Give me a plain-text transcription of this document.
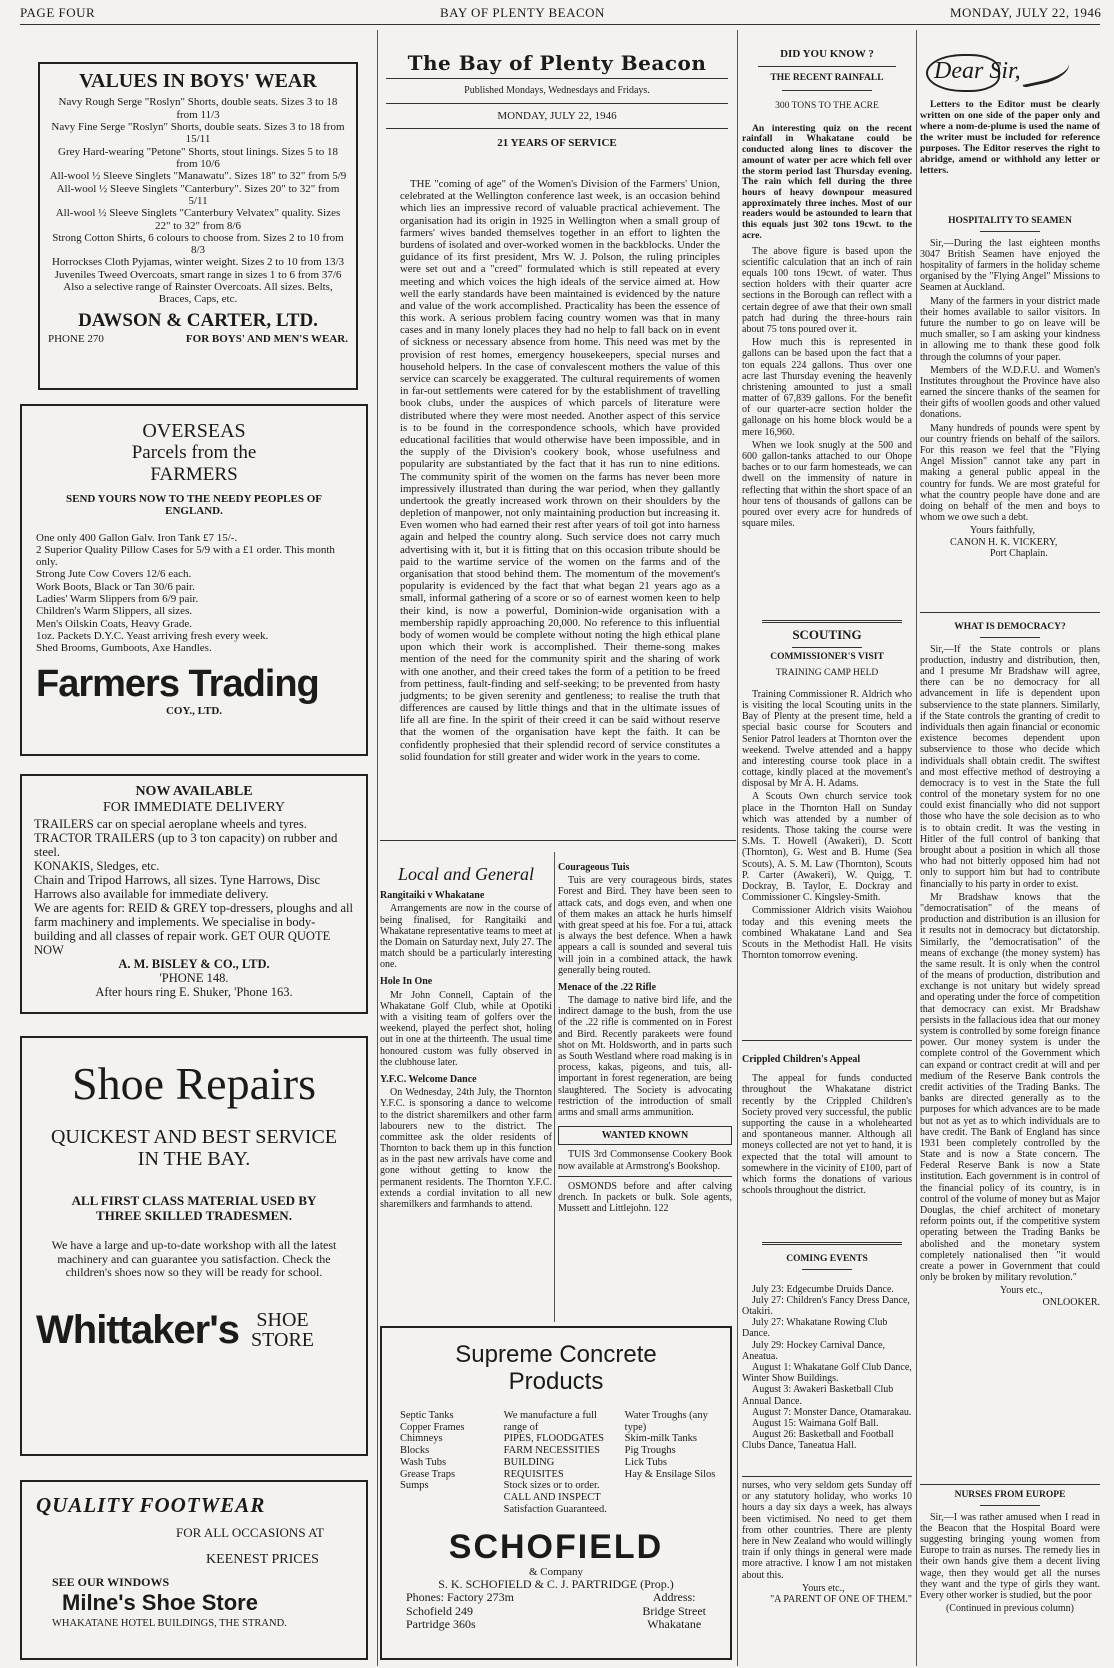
PAGE FOUR	BAY OF PLENTY BEACON	MONDAY, JULY 22, 1946
VALUES IN BOYS' WEAR
Navy Rough Serge "Roslyn" Shorts, double seats. Sizes 3 to 18 from 11/3
Navy Fine Serge "Roslyn" Shorts, double seats. Sizes 3 to 18 from 15/11
Grey Hard-wearing "Petone" Shorts, stout linings. Sizes 5 to 18 from 10/6
All-wool ½ Sleeve Singlets "Manawatu". Sizes 18" to 32" from 5/9
All-wool ½ Sleeve Singlets "Canterbury". Sizes 20" to 32" from 5/11
All-wool ½ Sleeve Singlets "Canterbury Velvatex" quality. Sizes 22" to 32" from 8/6
Strong Cotton Shirts, 6 colours to choose from. Sizes 2 to 10 from 8/3
Horrockses Cloth Pyjamas, winter weight. Sizes 2 to 10 from 13/3
Juveniles Tweed Overcoats, smart range in sizes 1 to 6 from 37/6
Also a selective range of Rainster Overcoats. All sizes. Belts, Braces, Caps, etc.
DAWSON & CARTER, LTD.
PHONE 270	FOR BOYS' AND MEN'S WEAR.
OVERSEAS
Parcels from the
FARMERS
SEND YOURS NOW TO THE NEEDY PEOPLES OF ENGLAND.
One only 400 Gallon Galv. Iron Tank £7 15/-.
2 Superior Quality Pillow Cases for 5/9 with a £1 order. This month only.
Strong Jute Cow Covers 12/6 each.
Work Boots, Black or Tan 30/6 pair.
Ladies' Warm Slippers from 6/9 pair.
Children's Warm Slippers, all sizes.
Men's Oilskin Coats, Heavy Grade.
1oz. Packets D.Y.C. Yeast arriving fresh every week.
Shed Brooms, Gumboots, Axe Handles.
Farmers Trading
COY., LTD.
NOW AVAILABLE
FOR IMMEDIATE DELIVERY
TRAILERS car on special aeroplane wheels and tyres.
TRACTOR TRAILERS (up to 3 ton capacity) on rubber and steel.
KONAKIS, Sledges, etc.
Chain and Tripod Harrows, all sizes. Tyne Harrows, Disc Harrows also available for immediate delivery.
We are agents for: REID & GREY top-dressers, ploughs and all farm machinery and implements. We specialise in body-building and all classes of repair work. GET OUR QUOTE NOW
A. M. BISLEY & CO., LTD.
'PHONE 148.
After hours ring E. Shuker, 'Phone 163.
Shoe Repairs
QUICKEST AND BEST SERVICE IN THE BAY.
ALL FIRST CLASS MATERIAL USED BY THREE SKILLED TRADESMEN.
We have a large and up-to-date workshop with all the latest machinery and can guarantee you satisfaction. Check the children's shoes now so they will be ready for school.
Whittaker's SHOE
STORE
QUALITY FOOTWEAR
FOR ALL OCCASIONS AT
KEENEST PRICES
SEE OUR WINDOWS
Milne's Shoe Store
WHAKATANE HOTEL BUILDINGS, THE STRAND.
The Bay of Plenty Beacon
Published Mondays, Wednesdays and Fridays.
MONDAY, JULY 22, 1946
21 YEARS OF SERVICE

THE "coming of age" of the Women's Division of the Farmers' Union, celebrated at the Wellington conference last week, is an occasion behind which lies an impressive record of valuable practical achievement. The organisation had its origin in 1925 in Wellington when a small group of farmers' wives banded themselves together in an effort to lighten the burdens of isolated and over-worked women in the backblocks. Under the guidance of its first president, Mrs W. J. Polson, the ruling principles were set out and a "creed" formulated which is still repeated at every meeting and which voices the high ideals of the service aimed at. How well the early standards have been maintained is evidenced by the nature and value of the work accomplished. Practicality has been the essence of this work. A serious problem facing country women was that in many cases and in many lonely places they had no help to fall back on in event of sickness or necessary absence from home. This need was met by the provision of rest homes, emergency housekeepers, special nurses and household helpers. In the case of convalescent mothers the value of this service can scarcely be exaggerated. The cultural requirements of women in far-out settlements were catered for by the establishment of travelling book clubs, under the auspices of which parcels of literature were distributed where they were most needed. Another aspect of this service is to be found in the correspondence schools, which have provided educational facilities that would otherwise have been impossible, and in the supply of the Division's cookery book, whose usefulness and popularity are substantiated by the fact that it has run to nine editions. The community spirit of the women on the farms has never been more impressively illustrated than during the war period, when they gallantly undertook the greatly increased work thrown on their shoulders by the depletion of manpower, not only maintaining production but increasing it. Even women who had earned their rest after years of toil got into harness again and helped the country along. Such service does not carry much advertising with it, but it is fitting that on this occasion tribute should be paid to the wartime service of the women on the farms and of the organisation that stood behind them. The momentum of the movement's popularity is evidenced by the fact that what began 21 years ago as a small, informal gathering of a score or so of earnest women keen to help their kind, is now a powerful, Dominion-wide organisation with a membership rapidly approaching 20,000. No reference to this influential body of women would be complete without noting the high ethical plane upon which their work is accomplished. Their theme-song makes mention of the need for the community spirit and the sharing of work with one another, and their creed takes the form of a petition to be freed from pettiness, fault-finding and self-seeking; to be prevented from hasty judgments; to be given serenity and gentleness; to realise the truth that differences are caused by little things and that in the ultimate issues of life all are fine. In the spirit of their creed it can be said without reserve that the women of the organisation have kept the faith. It can be confidently prophesied that their splendid record of service constitutes a solid foundation for still greater and wider work in the years to come.

Local and General
Rangitaiki v Whakatane

Arrangements are now in the course of being finalised, for Rangitaiki and Whakatane representative teams to meet at the Domain on Saturday next, July 27. The match should be a particularly interesting one.

Hole In One

Mr John Connell, Captain of the Whakatane Golf Club, while at Opotiki with a visiting team of golfers over the weekend, played the perfect shot, holing out in one at the thirteenth. The usual time honoured custom was fully observed in the clubhouse later.

Y.F.C. Welcome Dance

On Wednesday, 24th July, the Thornton Y.F.C. is sponsoring a dance to welcome to the district sharemilkers and other farm labourers new to the district. The committee ask the older residents of Thornton to back them up in this function as in the past new arrivals have come and gone without getting to know the permanent residents. The Thornton Y.F.C. extends a cordial invitation to all new sharemilkers and farmhands to attend.

Courageous Tuis

Tuis are very courageous birds, states Forest and Bird. They have been seen to attack cats, and dogs even, and when one of them makes an attack he hurls himself with great speed at his foe. For a tui, attack is always the best defence. When a hawk appears a call is sounded and several tuis will join in a combined attack, the hawk generally being routed.

Menace of the .22 Rifle

The damage to native bird life, and the indirect damage to the bush, from the use of the .22 rifle is commented on in Forest and Bird. Recently parakeets were found shot on Mt. Holdsworth, and in parts such as South Westland where road making is in process, kakas, pigeons, and tuis, all-important in forest regeneration, are being slaughtered. The Society is advocating restriction of the introduction of small arms and small arms ammunition.

WANTED KNOWN

TUIS 3rd Commonsense Cookery Book now available at Armstrong's Bookshop.

OSMONDS before and after calving drench. In packets or bulk. Sole agents, Mussett and Littlejohn. 122

Supreme Concrete
Products
Septic Tanks
Copper Frames
Chimneys
Blocks
Wash Tubs
Grease Traps
Sumps
We manufacture a full range of
PIPES, FLOODGATES
FARM NECESSITIES
BUILDING REQUISITES
Stock sizes or to order.
CALL AND INSPECT
Satisfaction Guaranteed.
Water Troughs (any type)
Skim-milk Tanks
Pig Troughs
Lick Tubs
Hay & Ensilage Silos
SCHOFIELD
& Company
S. K. SCHOFIELD & C. J. PARTRIDGE (Prop.)
Phones: Factory 273m
Schofield 249
Partridge 360s
Address:
Bridge Street
Whakatane
DID YOU KNOW ?
THE RECENT RAINFALL
300 TONS TO THE ACRE

An interesting quiz on the recent rainfall in Whakatane could be conducted along lines to discover the amount of water per acre which fell over the storm period last Thursday evening. The rain which fell during the three hours of heavy downpour measured approximately three inches. Most of our readers would be astounded to learn that this equals just 302 tons 19cwt. to the acre.

The above figure is based upon the scientific calculation that an inch of rain equals 100 tons 19cwt. of water. Thus section holders with their quarter acre sections in the Borough can reflect with a certain degree of awe that their own small patch had during the three-hours rain about 75 tons poured over it.

How much this is represented in gallons can be based upon the fact that a ton equals 224 gallons. Thus over one acre last Thursday evening the heavenly christening amounted to just a small matter of 67,839 gallons. For the benefit of our quarter-acre section holder the gallonage on his home block would be a mere 16,960.

When we look snugly at the 500 and 600 gallon-tanks attached to our Ohope baches or to our farm homesteads, we can dwell on the immensity of nature in reflecting that within the short space of an hour tens of thousands of gallons can be poured over every acre for hundreds of square miles.

SCOUTING
COMMISSIONER'S VISIT
TRAINING CAMP HELD

Training Commissioner R. Aldrich who is visiting the local Scouting units in the Bay of Plenty at the present time, held a special basic course for Scouters and Senior Patrol leaders at Thornton over the weekend. Twelve attended and a happy and interesting course took place in a cottage, kindly placed at the movement's disposal by Mr A. H. Adams.

A Scouts Own church service took place in the Thornton Hall on Sunday which was attended by a number of residents. Those taking the course were S.Ms. T. Howell (Awakeri), D. Scott (Thornton), G. West and B. Hume (Sea Scouts), A. S. M. Law (Thornton), Scouts P. Carter (Awakeri), W. Quigg, T. Dockray, B. Taylor, E. Dockray and Commissioner C. Kingsley-Smith.

Commissioner Aldrich visits Waiohou today and this evening meets the combined Whakatane Land and Sea Scouts in the Methodist Hall. He visits Thornton tomorrow evening.

Crippled Children's Appeal

The appeal for funds conducted throughout the Whakatane district recently by the Crippled Children's Society proved very successful, the public supporting the cause in a wholehearted and spontaneous manner. Although all moneys collected are not yet to hand, it is expected that the total will amount to somewhere in the vicinity of £100, part of which forms the donations of various schools throughout the district.

COMING EVENTS
July 23: Edgecumbe Druids Dance.
July 27: Children's Fancy Dress Dance, Otakiri.
July 27: Whakatane Rowing Club Dance.
July 29: Hockey Carnival Dance, Aneatua.
August 1: Whakatane Golf Club Dance, Winter Show Buildings.
August 3: Awakeri Basketball Club Annual Dance.
August 7: Monster Dance, Otamarakau.
August 15: Waimana Golf Ball.
August 26: Basketball and Football Clubs Dance, Taneatua Hall.

nurses, who very seldom gets Sunday off or any statutory holiday, who works 10 hours a day six days a week, has always been victimised. No need to get them from other countries. There are plenty here in New Zealand who would willingly train if only things in general were made more atractive. I know I am not mistaken about this.

Yours etc.,
"A PARENT OF ONE OF THEM."
Dear Sir,

Letters to the Editor must be clearly written on one side of the paper only and where a nom-de-plume is used the name of the writer must be included for reference purposes. The Editor reserves the right to abridge, amend or withhold any letter or letters.

HOSPITALITY TO SEAMEN

Sir,—During the last eighteen months 3047 British Seamen have enjoyed the hospitality of farmers in the holiday scheme organised by the "Flying Angel" Missions to Seamen at Auckland.

Many of the farmers in your district made their homes available to sailor visitors. In future the number to go on leave will be much smaller, so I am asking your kindness in allowing me to thank these good folk through the columns of your paper.

Members of the W.D.F.U. and Women's Institutes throughout the Province have also earned the sincere thanks of the seamen for their gifts of woollen goods and other valued donations.

Many hundreds of pounds were spent by our country friends on behalf of the sailors. For this reason we feel that the "Flying Angel Mission" cannot take any part in making a general public appeal in the country for funds. We are most grateful for what the country people have done and are doing on behalf of the men and boys to whom we owe such a debt.

Yours faithfully,
CANON H. K. VICKERY,
Port Chaplain.
WHAT IS DEMOCRACY?

Sir,—If the State controls or plans production, industry and distribution, then, and I presume Mr Bradshaw will agree, there can be no democracy for all advancement in life is dependent upon subservience to the state planners. Similarly, if the State controls the granting of credit to individuals then again financial or economic existence becomes dependent upon subservience to those who decide which individuals shall obtain credit. The swiftest and most effective method of destroying a democracy is to vest in the State the full control of the monetary system for no one could exist financially who did not support those who have the sole decision as to who is to obtain credit. It was the vesting in Hitler of the full control of banking that brought about a position in which all those who had not bitterly opposed him had not only to support him but had to contribute financially to his party in order to exist.

Mr Bradshaw knows that the "democratisation" of the means of production and distribution is an illusion for it results not in democracy but dictatorship. Similarly, the "democratisation" of the means of exchange (the money system) has the same result. It is only when the control of the means of production, distribution and exchange is not unitary but widely spread and operating under the force of competition that democracy can exist. Mr Bradshaw persists in the fallacious idea that our money system is controlled by some foreign finance power. Our money system is under the complete control of the Government which can expand or contract credit at will and per medium of the Reserve Bank controls the credit activities of the Trading Banks. The banks are directed generally as to the purposes for which advances are to be made but not as yet as to which individuals are to have credit. The Bank of England has since 1931 been completely controlled by the State and is now a State concern. The Federal Reserve Bank is now a State institution. Each government is in control of the financial policy of its country, is in control of the volume of money but as Major Douglas, the chief architect of monetary reform points out, if the competitive system operating between the Trading Banks be abolished and the monetary system completely nationalised then "it would create a power in Government that could only be broken by military revolution."

Yours etc.,
ONLOOKER.
NURSES FROM EUROPE

Sir,—I was rather amused when I read in the Beacon that the Hospital Board were suggesting bringing young women from Europe to train as nurses. The remedy lies in their own hands give them a decent living wage, then they would get all the nurses they want and the type of girls they want. Every other worker is studied, but the poor

(Continued in previous column)
